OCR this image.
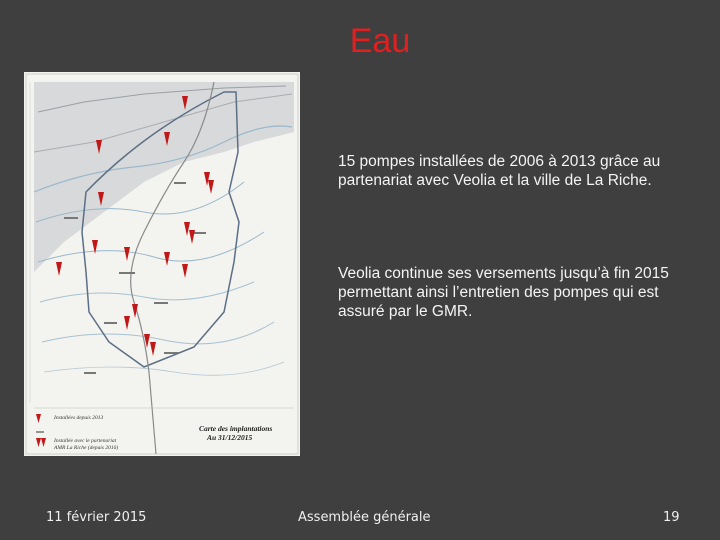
Eau
Installées depuis 2013
Installée avec le partenariat
AMR La Riche (depuis 2016)
Carte des implantations
Au 31/12/2015
15 pompes installées de 2006 à 2013 grâce au partenariat avec Veolia et la ville de La Riche.
Veolia continue ses versements jusqu’à fin 2015 permettant ainsi l’entretien des pompes qui est assuré par le GMR.
11 février 2015	Assemblée générale	19
